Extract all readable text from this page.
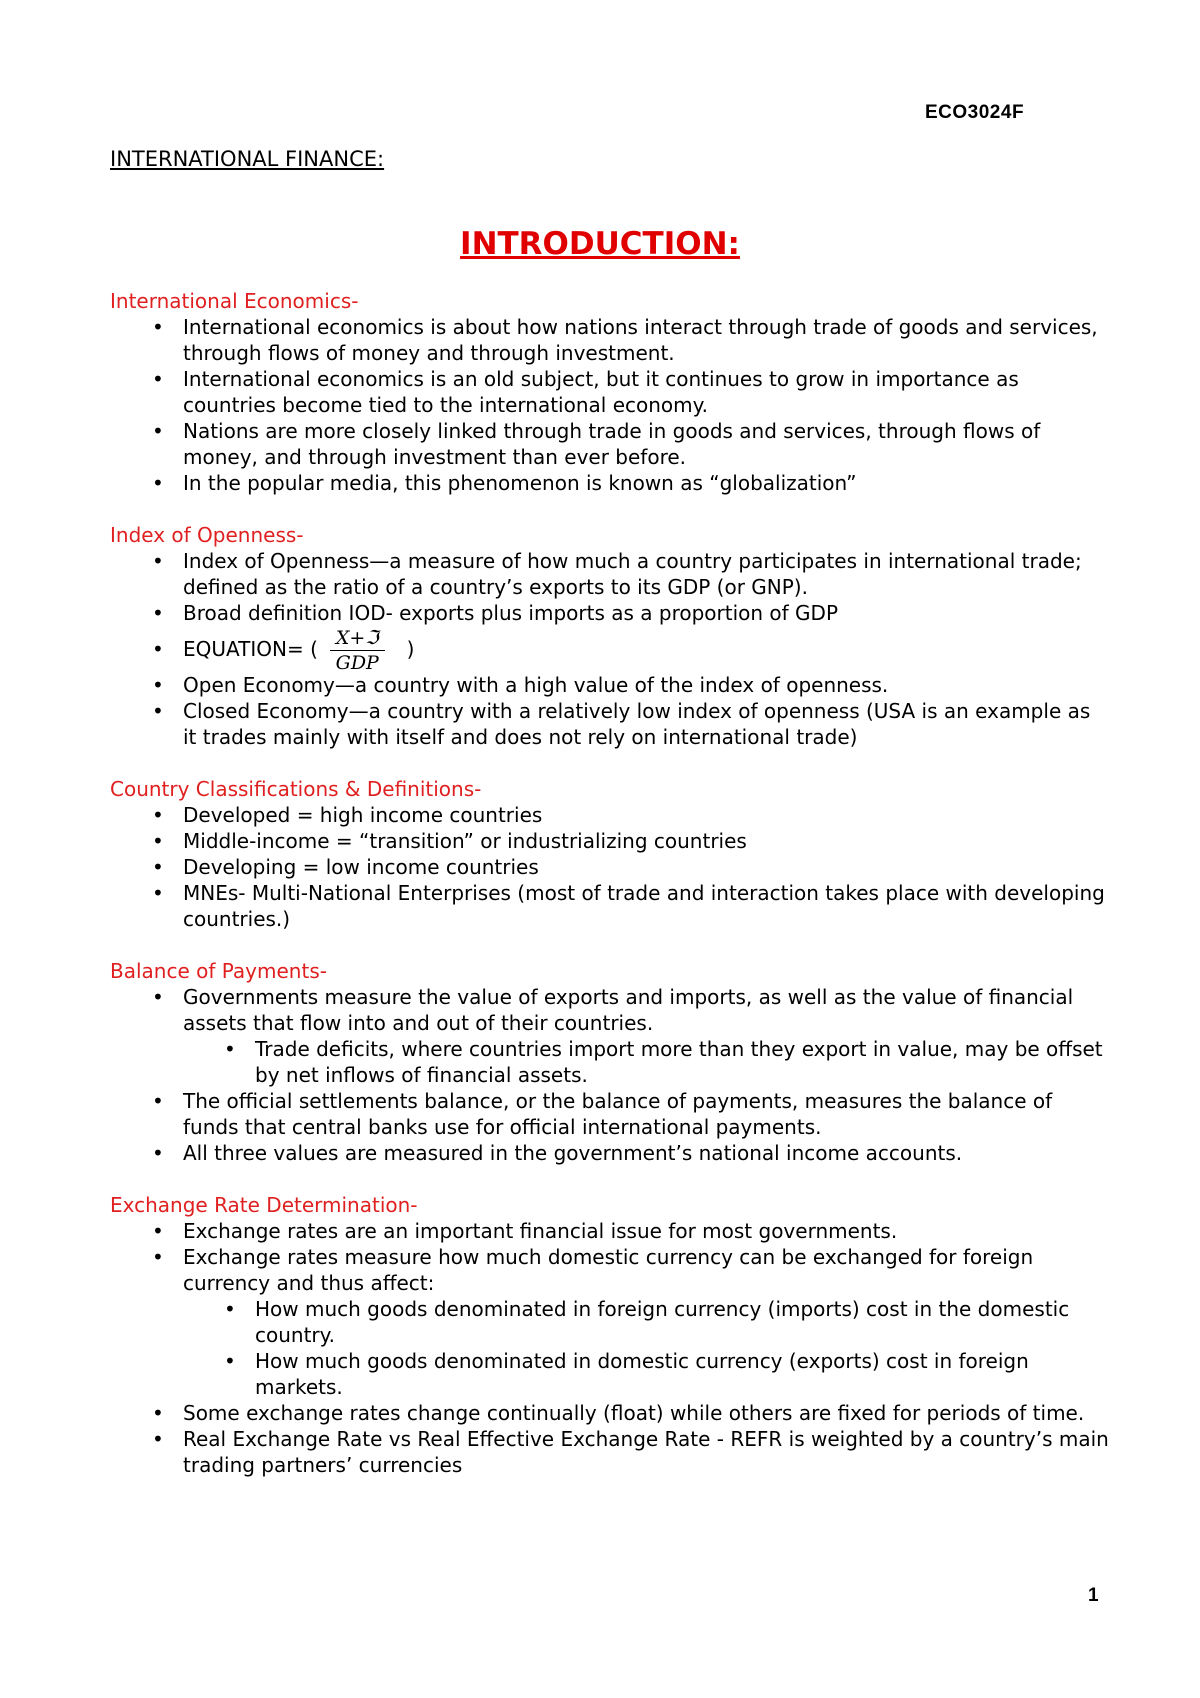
ECO3024F
INTERNATIONAL FINANCE:
INTRODUCTION:

International Economics-

• International economics is about how nations interact through trade of goods and services, through flows of money and through investment.
• International economics is an old subject, but it continues to grow in importance as countries become tied to the international economy.
• Nations are more closely linked through trade in goods and services, through flows of money, and through investment than ever before.
• In the popular media, this phenomenon is known as “globalization”

Index of Openness-

• Index of Openness—a measure of how much a country participates in international trade; defined as the ratio of a country’s exports to its GDP (or GNP).
• Broad definition IOD- exports plus imports as a proportion of GDP
• EQUATION= ( $\frac{\text{X+ℑ}}{\text{GDP}}$ )
• Open Economy—a country with a high value of the index of openness.
• Closed Economy—a country with a relatively low index of openness (USA is an example as it trades mainly with itself and does not rely on international trade)

Country Classifications & Definitions-

• Developed = high income countries
• Middle-income = “transition” or industrializing countries
• Developing = low income countries
• MNEs- Multi-National Enterprises (most of trade and interaction takes place with developing countries.)

Balance of Payments-

• Governments measure the value of exports and imports, as well as the value of financial assets that flow into and out of their countries.
• Trade deficits, where countries import more than they export in value, may be offset by net inflows of financial assets.
• The official settlements balance, or the balance of payments, measures the balance of funds that central banks use for official international payments.
• All three values are measured in the government’s national income accounts.

Exchange Rate Determination-

• Exchange rates are an important financial issue for most governments.
• Exchange rates measure how much domestic currency can be exchanged for foreign currency and thus affect:
• How much goods denominated in foreign currency (imports) cost in the domestic country.
• How much goods denominated in domestic currency (exports) cost in foreign markets.
• Some exchange rates change continually (float) while others are fixed for periods of time.
• Real Exchange Rate vs Real Effective Exchange Rate - REFR is weighted by a country’s main trading partners’ currencies
1
